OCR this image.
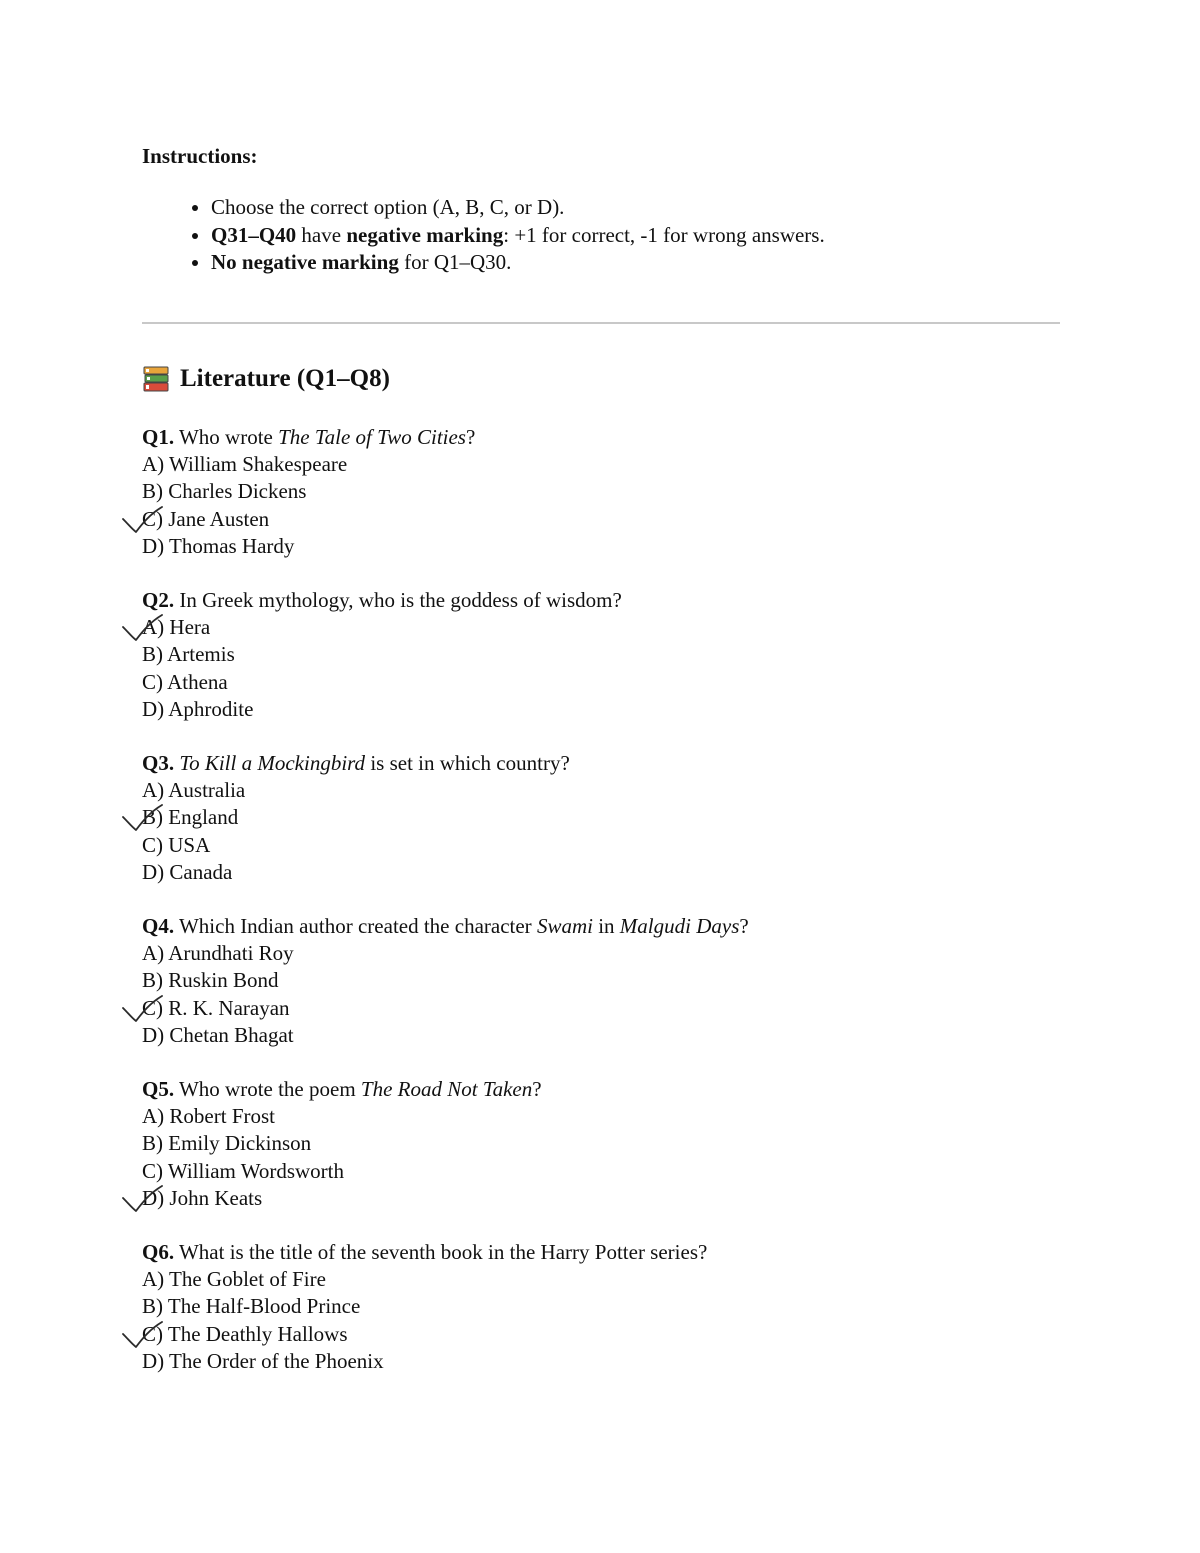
Instructions:

• Choose the correct option (A, B, C, or D).
• Q31–Q40 have negative marking: +1 for correct, -1 for wrong answers.
• No negative marking for Q1–Q30.
Literature (Q1–Q8)

Q1. Who wrote The Tale of Two Cities?

A) William Shakespeare

B) Charles Dickens

C) Jane Austen

D) Thomas Hardy

Q2. In Greek mythology, who is the goddess of wisdom?

A) Hera

B) Artemis

C) Athena

D) Aphrodite

Q3. To Kill a Mockingbird is set in which country?

A) Australia

B) England

C) USA

D) Canada

Q4. Which Indian author created the character Swami in Malgudi Days?

A) Arundhati Roy

B) Ruskin Bond

C) R. K. Narayan

D) Chetan Bhagat

Q5. Who wrote the poem The Road Not Taken?

A) Robert Frost

B) Emily Dickinson

C) William Wordsworth

D) John Keats

Q6. What is the title of the seventh book in the Harry Potter series?

A) The Goblet of Fire

B) The Half-Blood Prince

C) The Deathly Hallows

D) The Order of the Phoenix
